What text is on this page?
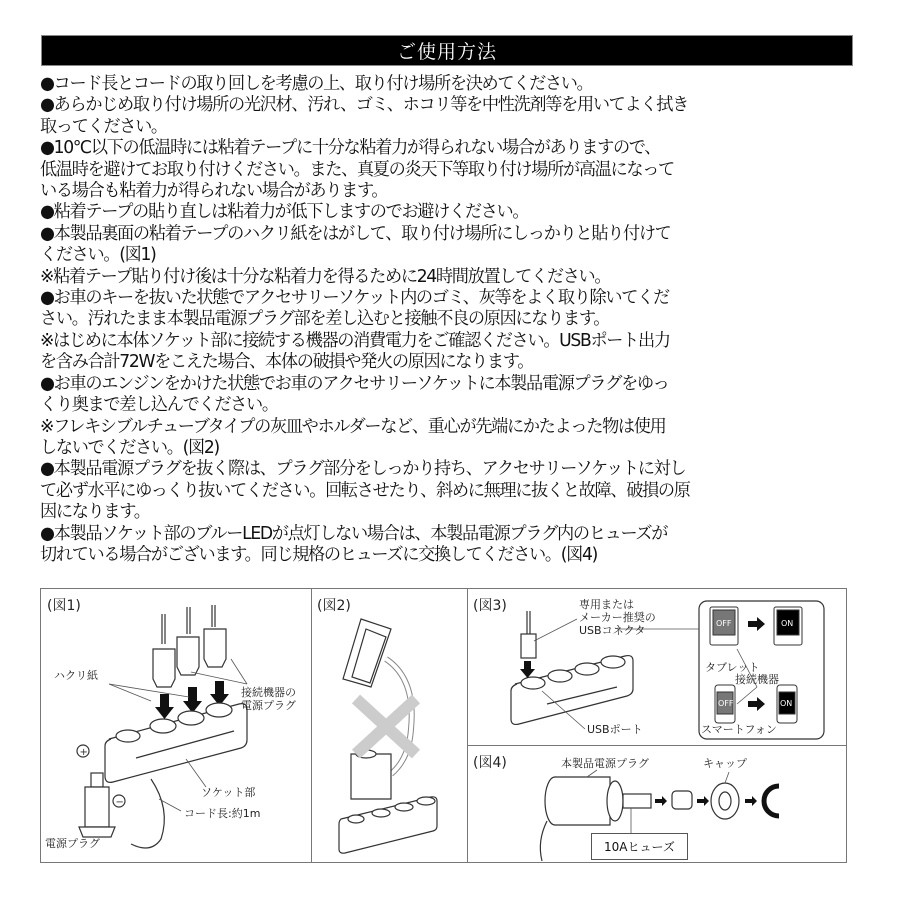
ご使用方法
●コード長とコードの取り回しを考慮の上、取り付け場所を決めてください。
●あらかじめ取り付け場所の光沢材、汚れ、ゴミ、ホコリ等を中性洗剤等を用いてよく拭き
取ってください。
●10℃以下の低温時には粘着テープに十分な粘着力が得られない場合がありますので、
低温時を避けてお取り付けください。また、真夏の炎天下等取り付け場所が高温になって
いる場合も粘着力が得られない場合があります。
●粘着テープの貼り直しは粘着力が低下しますのでお避けください。
●本製品裏面の粘着テープのハクリ紙をはがして、取り付け場所にしっかりと貼り付けて
ください。(図1)
※粘着テープ貼り付け後は十分な粘着力を得るために24時間放置してください。
●お車のキーを抜いた状態でアクセサリーソケット内のゴミ、灰等をよく取り除いてくだ
さい。汚れたまま本製品電源プラグ部を差し込むと接触不良の原因になります。
※はじめに本体ソケット部に接続する機器の消費電力をご確認ください。USBポート出力
を含み合計72Wをこえた場合、本体の破損や発火の原因になります。
●お車のエンジンをかけた状態でお車のアクセサリーソケットに本製品電源プラグをゆっ
くり奥まで差し込んでください。
※フレキシブルチューブタイプの灰皿やホルダーなど、重心が先端にかたよった物は使用
しないでください。(図2)
●本製品電源プラグを抜く際は、プラグ部分をしっかり持ち、アクセサリーソケットに対し
て必ず水平にゆっくり抜いてください。回転させたり、斜めに無理に抜くと故障、破損の原
因になります。
●本製品ソケット部のブルーLEDが点灯しない場合は、本製品電源プラグ内のヒューズが
切れている場合がございます。同じ規格のヒューズに交換してください。(図4)
(図1)
+
−
ハクリ紙
接続機器の
電源プラグ
ソケット部
コード長:約1m
電源プラグ
(図2)	(図3)
OFF	ON
OFF	ON
専用または
メーカー推奨の
USBコネクタ
USBポート
タブレット
接続機器
スマートフォン
(図4)	本製品電源プラグ	キャップ
10Aヒューズ
